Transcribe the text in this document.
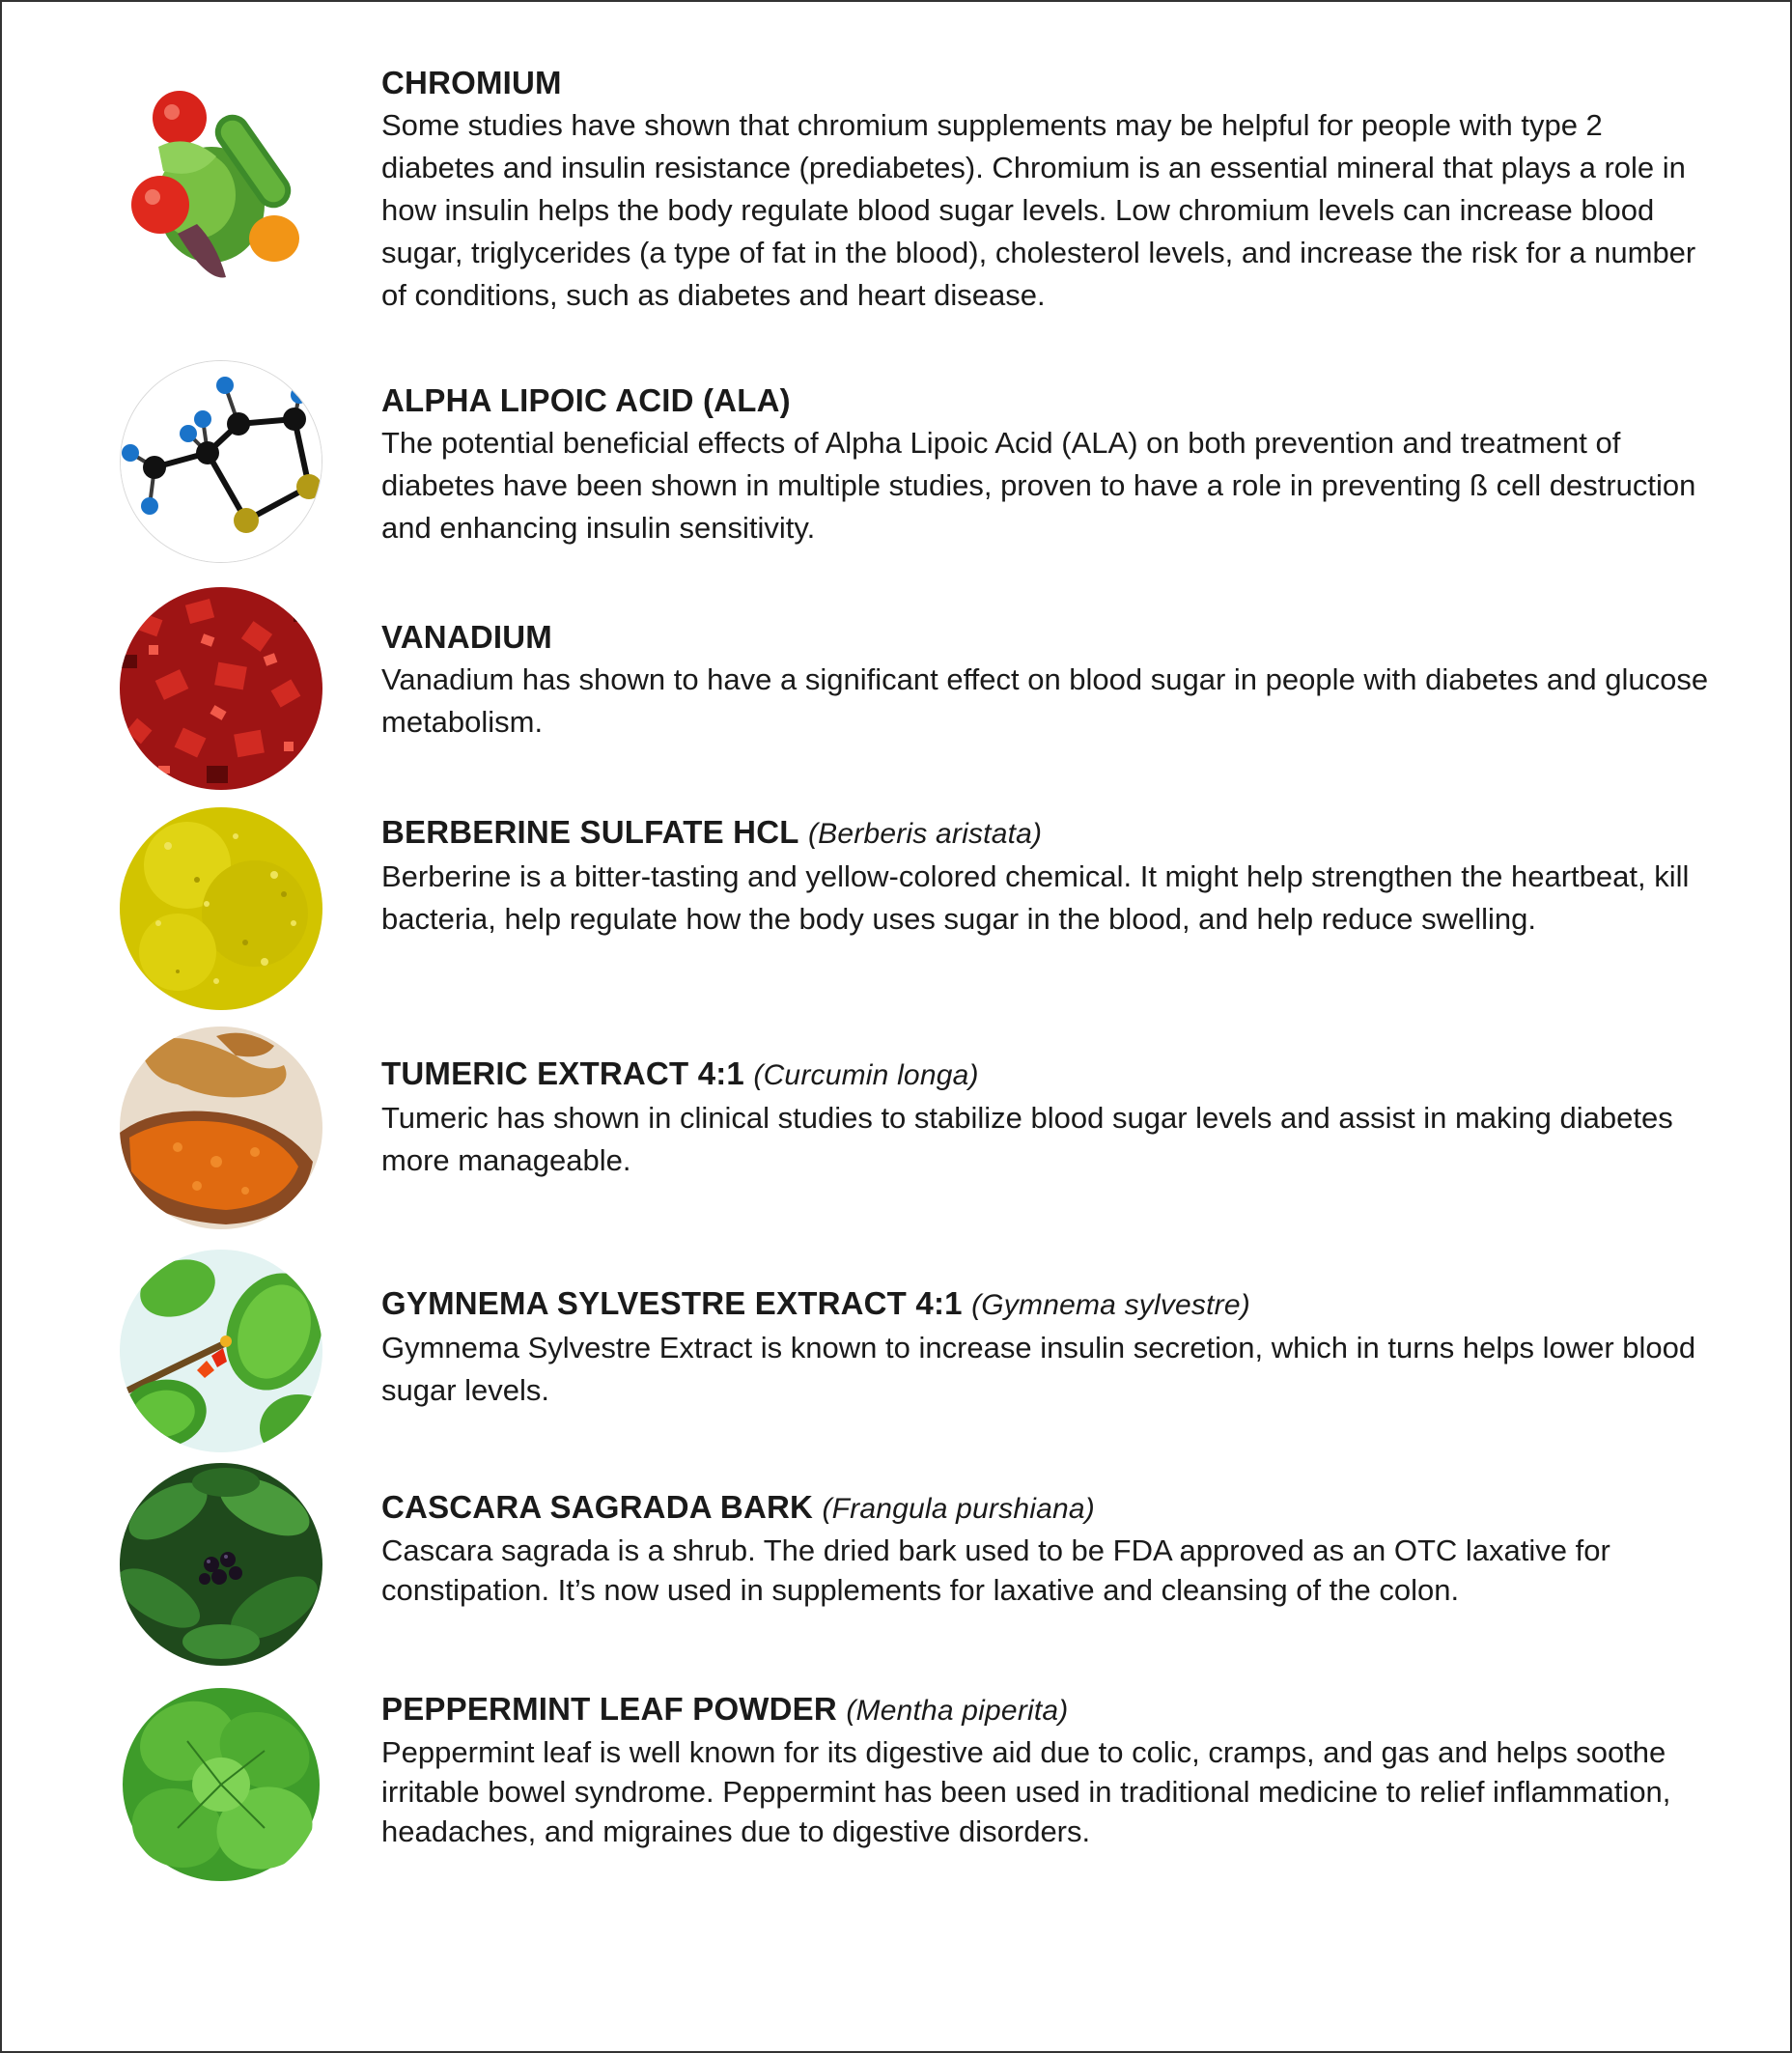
CHROMIUM

Some studies have shown that chromium supplements may be helpful for people with type 2 diabetes and insulin resistance (prediabetes). Chromium is an essential mineral that plays a role in how insulin helps the body regulate blood sugar levels. Low chromium levels can increase blood sugar, triglycerides (a type of fat in the blood), cholesterol levels, and increase the risk for a number of conditions, such as diabetes and heart disease.

ALPHA LIPOIC ACID (ALA)

The potential beneficial effects of Alpha Lipoic Acid (ALA) on both prevention and treatment of diabetes have been shown in multiple studies, proven to have a role in preventing ß cell destruction and enhancing insulin sensitivity.

VANADIUM

Vanadium has shown to have a significant effect on blood sugar in people with diabetes and glucose metabolism.

BERBERINE SULFATE HCL (Berberis aristata)

Berberine is a bitter-tasting and yellow-colored chemical. It might help strengthen the heartbeat, kill bacteria, help regulate how the body uses sugar in the blood, and help reduce swelling.

TUMERIC EXTRACT 4:1 (Curcumin longa)

Tumeric has shown in clinical studies to stabilize blood sugar levels and assist in making diabetes more manageable.

GYMNEMA SYLVESTRE EXTRACT 4:1 (Gymnema sylvestre)

Gymnema Sylvestre Extract is known to increase insulin secretion, which in turns helps lower blood sugar levels.

CASCARA SAGRADA BARK (Frangula purshiana)

Cascara sagrada is a shrub. The dried bark used to be FDA approved as an OTC laxative for constipation. It’s now used in supplements for laxative and cleansing of the colon.

PEPPERMINT LEAF POWDER (Mentha piperita)

Peppermint leaf is well known for its digestive aid due to colic, cramps, and gas and helps soothe irritable bowel syndrome. Peppermint has been used in traditional medicine to relief inflammation, headaches, and migraines due to digestive disorders.
